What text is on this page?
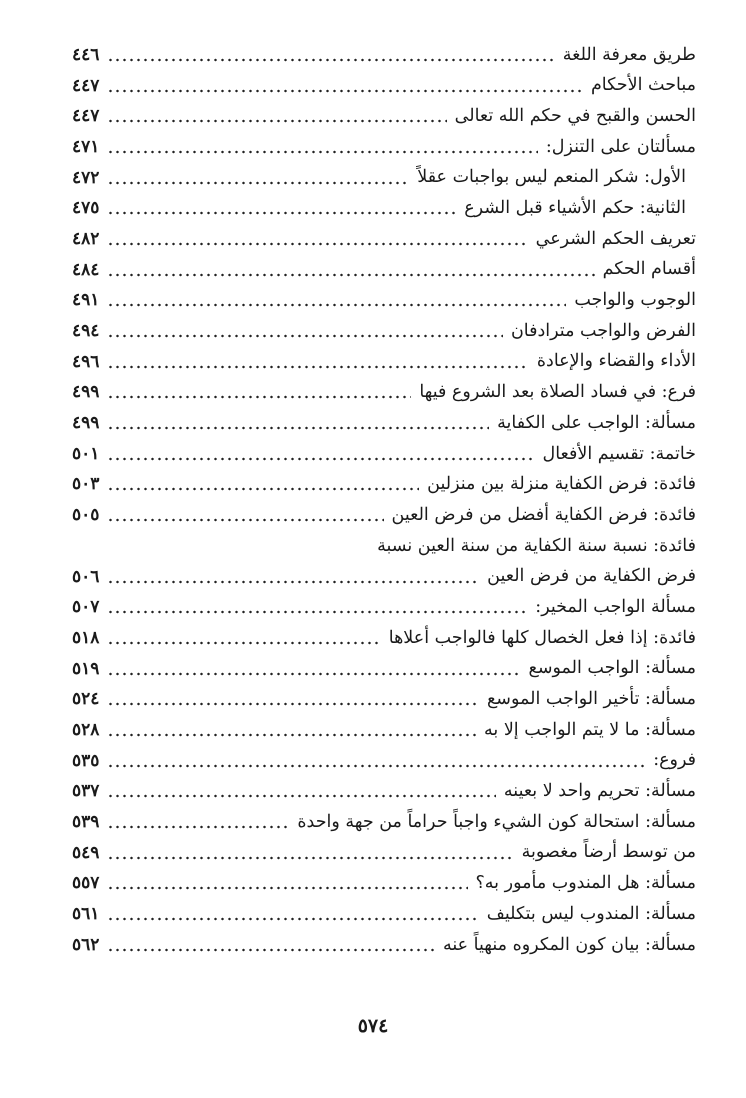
طريق معرفة اللغة
٤٤٦
مباحث الأحكام
٤٤٧
الحسن والقبح في حكم الله تعالى
٤٤٧
مسألتان على التنزل:
٤٧١
الأول: شكر المنعم ليس بواجبات عقلاً
٤٧٢
الثانية: حكم الأشياء قبل الشرع
٤٧٥
تعريف الحكم الشرعي
٤٨٢
أقسام الحكم
٤٨٤
الوجوب والواجب
٤٩١
الفرض والواجب مترادفان
٤٩٤
الأداء والقضاء والإعادة
٤٩٦
فرع: في فساد الصلاة بعد الشروع فيها
٤٩٩
مسألة: الواجب على الكفاية
٤٩٩
خاتمة: تقسيم الأفعال
٥٠١
فائدة: فرض الكفاية منزلة بين منزلين
٥٠٣
فائدة: فرض الكفاية أفضل من فرض العين
٥٠٥
فائدة: نسبة سنة الكفاية من سنة العين نسبة
فرض الكفاية من فرض العين
٥٠٦
مسألة الواجب المخير:
٥٠٧
فائدة: إذا فعل الخصال كلها فالواجب أعلاها
٥١٨
مسألة: الواجب الموسع
٥١٩
مسألة: تأخير الواجب الموسع
٥٢٤
مسألة: ما لا يتم الواجب إلا به
٥٢٨
فروع:
٥٣٥
مسألة: تحريم واحد لا بعينه
٥٣٧
مسألة: استحالة كون الشيء واجباً حراماً من جهة واحدة
٥٣٩
من توسط أرضاً مغصوبة
٥٤٩
مسألة: هل المندوب مأمور به؟
٥٥٧
مسألة: المندوب ليس بتكليف
٥٦١
مسألة: بيان كون المكروه منهياً عنه
٥٦٢
٥٧٤
